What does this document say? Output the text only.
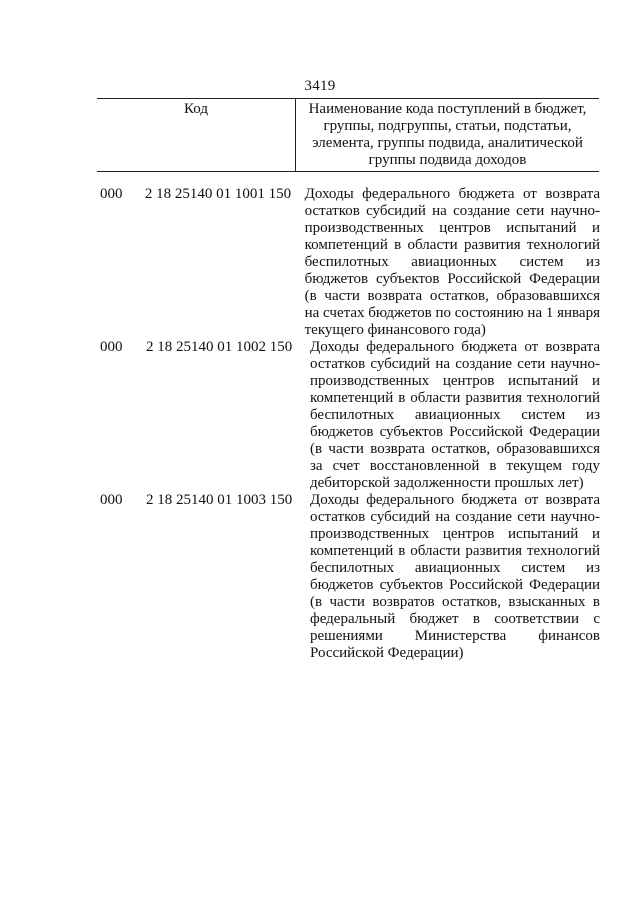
3419
Код	Наименование кода поступлений в бюджет,
группы, подгруппы, статьи, подстатьи,
элемента, группы подвида, аналитической
группы подвида доходов
000	2 18 25140 01 1001 150 Доходы федерального бюджета от возврата
остатков субсидий на создание сети научно-
производственных центров испытаний и
компетенций в области развития технологий
беспилотных авиационных систем из
бюджетов субъектов Российской Федерации
(в части возврата остатков, образовавшихся
на счетах бюджетов по состоянию на 1 января
текущего финансового года)
000	2 18 25140 01 1002 150	Доходы федерального бюджета от возврата
остатков субсидий на создание сети научно-
производственных центров испытаний и
компетенций в области развития технологий
беспилотных авиационных систем из
бюджетов субъектов Российской Федерации
(в части возврата остатков, образовавшихся
за счет восстановленной в текущем году
дебиторской задолженности прошлых лет)
000	2 18 25140 01 1003 150	Доходы федерального бюджета от возврата
остатков субсидий на создание сети научно-
производственных центров испытаний и
компетенций в области развития технологий
беспилотных авиационных систем из
бюджетов субъектов Российской Федерации
(в части возвратов остатков, взысканных в
федеральный бюджет в соответствии с
решениями Министерства финансов
Российской Федерации)
